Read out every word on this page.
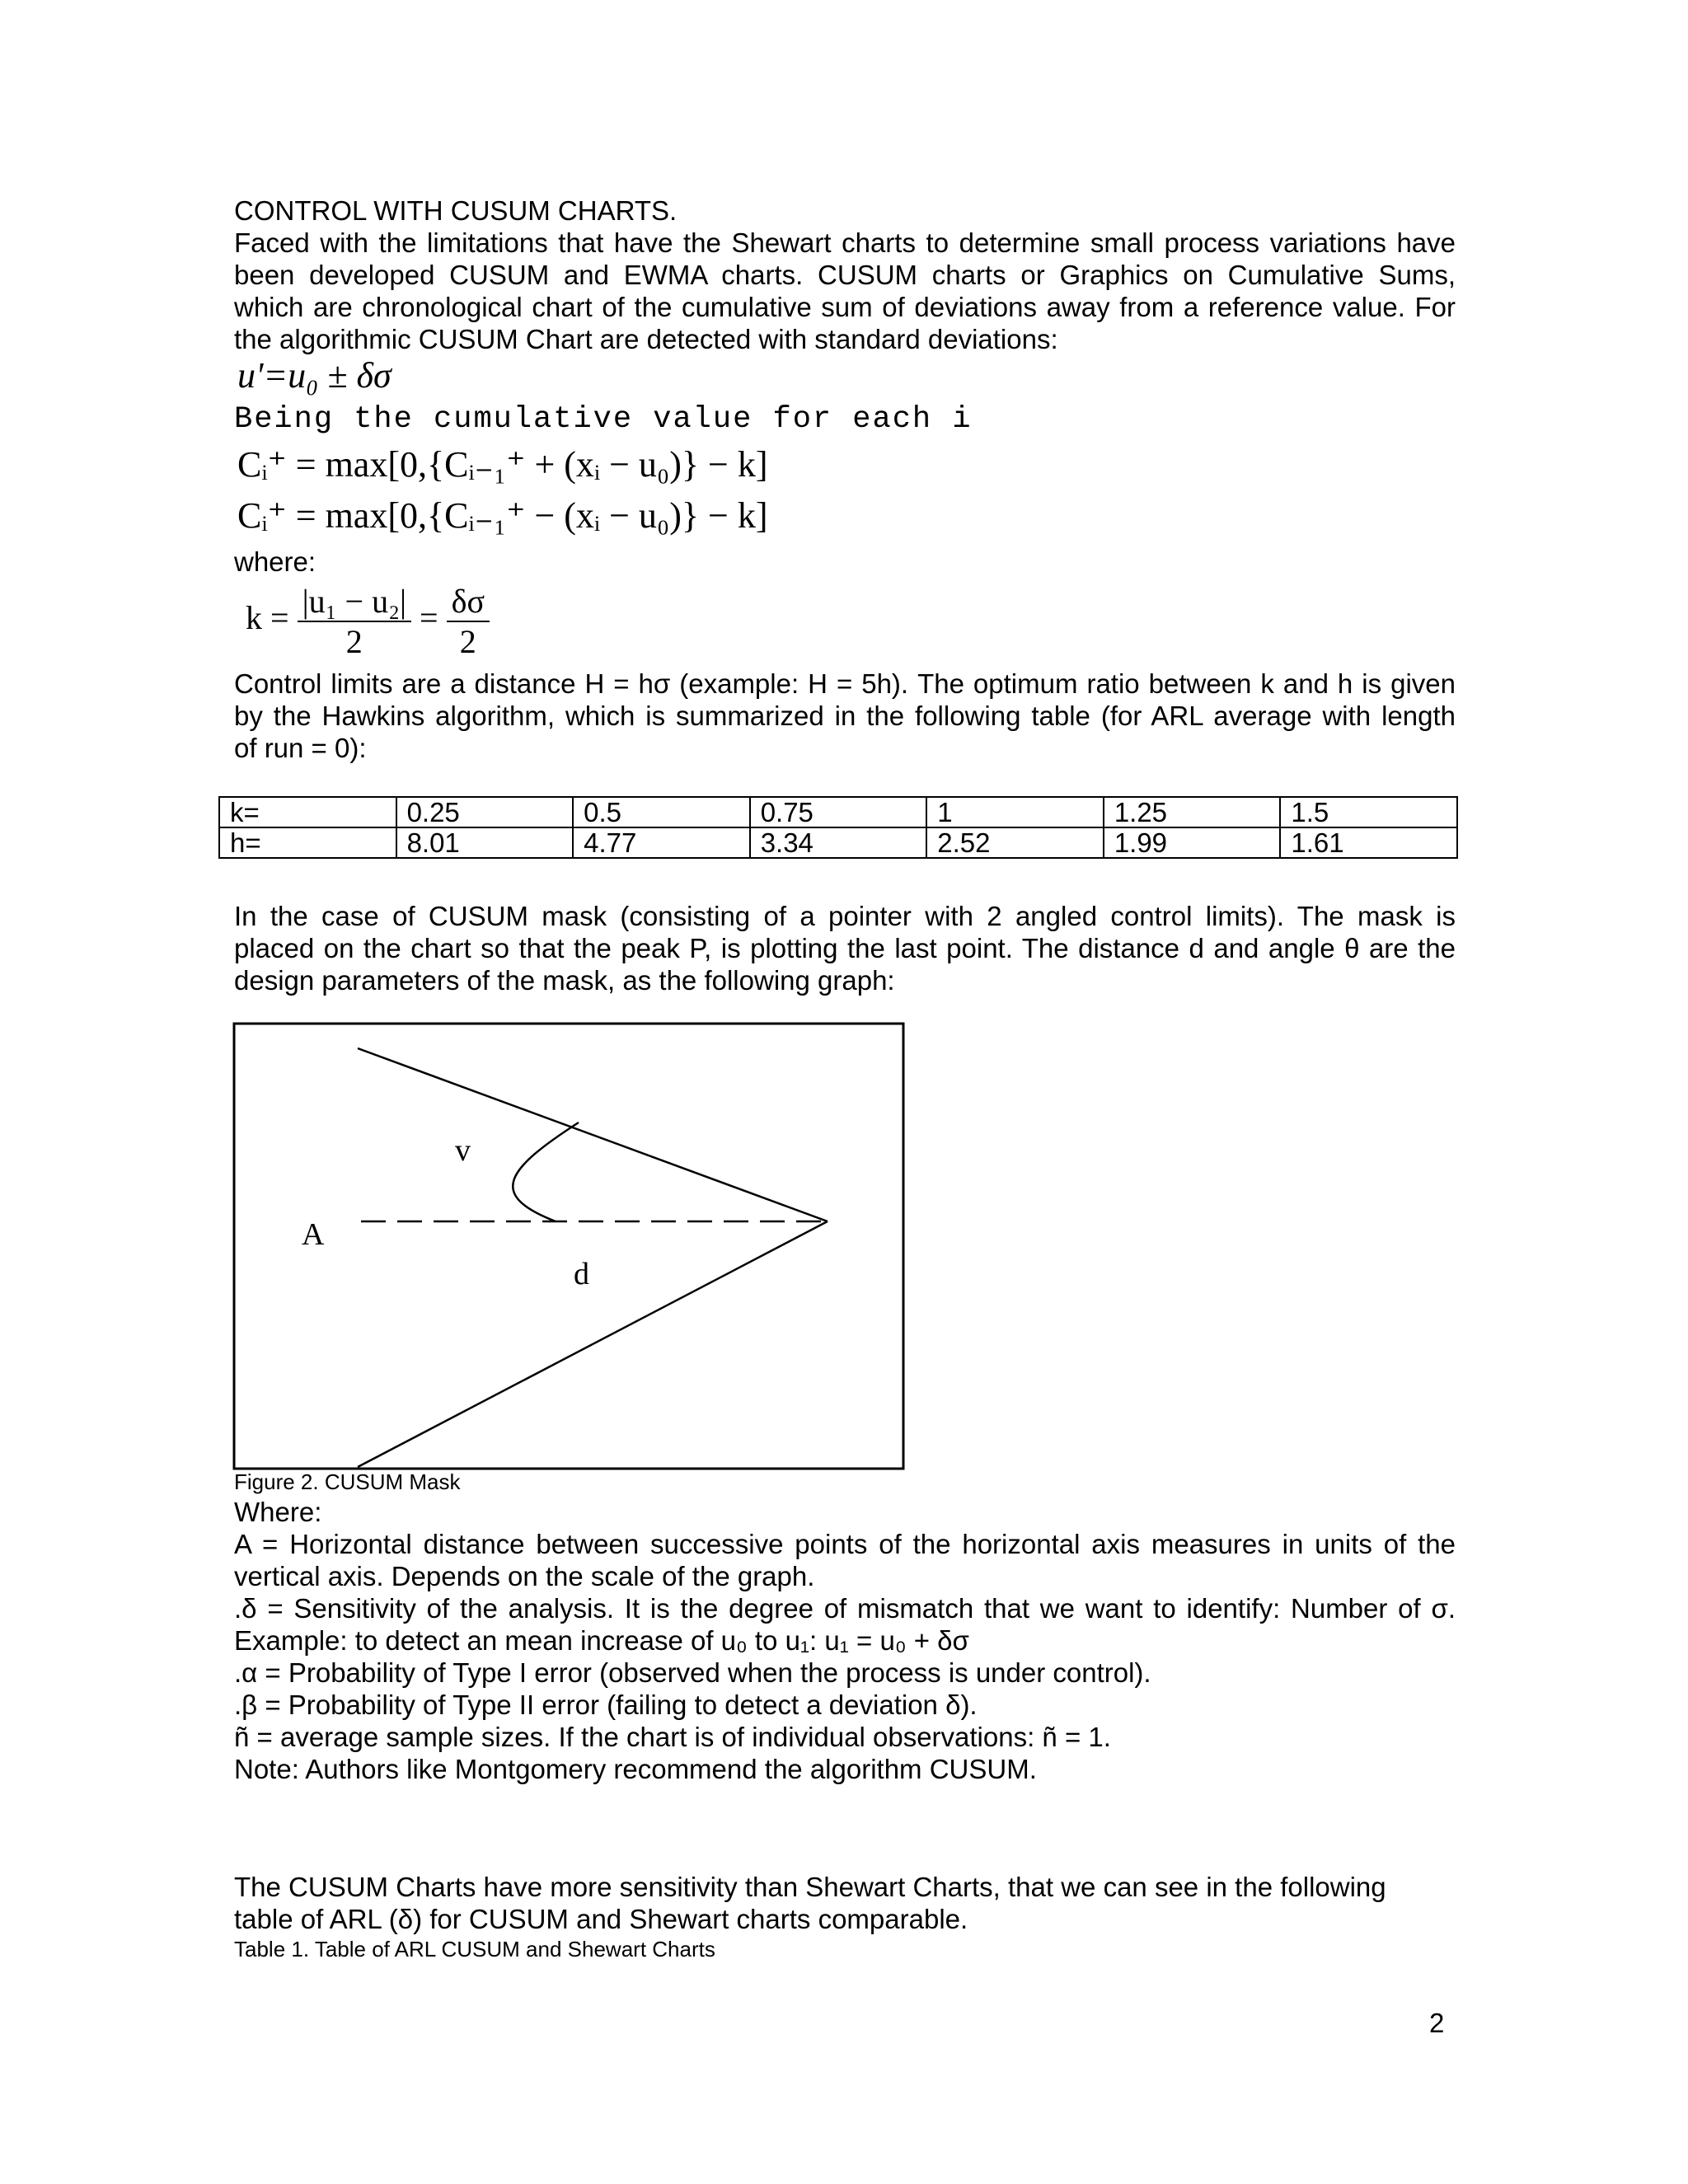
CONTROL WITH CUSUM CHARTS.
Faced with the limitations that have the Shewart charts to determine small process variations have
been developed CUSUM and EWMA charts. CUSUM charts or Graphics on Cumulative Sums,
which are chronological chart of the cumulative sum of deviations away from a reference value. For
the algorithmic CUSUM Chart are detected with standard deviations:
u'=u₀ ± δσ
Being the cumulative value for each i
Cᵢ⁺ = max[0,{Cᵢ₋₁⁺ + (xᵢ − u₀)} − k]
Cᵢ⁺ = max[0,{Cᵢ₋₁⁺ − (xᵢ − u₀)} − k]
where:
$k = \frac{\text{|u₁ − u₂|}}{2} = \frac{\delta\sigma}{2}$
Control limits are a distance H = hσ (example: H = 5h). The optimum ratio between k and h is given
by the Hawkins algorithm, which is summarized in the following table (for ARL average with length
of run = 0):
k=	0.25	0.5	0.75	1	1.25	1.5
h=	8.01	4.77	3.34	2.52	1.99	1.61
In the case of CUSUM mask (consisting of a pointer with 2 angled control limits). The mask is
placed on the chart so that the peak P, is plotting the last point. The distance d and angle θ are the
design parameters of the mask, as the following graph:
v
A
d
Figure 2. CUSUM Mask
Where:
A = Horizontal distance between successive points of the horizontal axis measures in units of the
vertical axis. Depends on the scale of the graph.
.δ = Sensitivity of the analysis. It is the degree of mismatch that we want to identify: Number of σ.
Example: to detect an mean increase of u₀ to u₁: u₁ = u₀ + δσ
.α = Probability of Type I error (observed when the process is under control).
.β = Probability of Type II error (failing to detect a deviation δ).
ñ = average sample sizes. If the chart is of individual observations: ñ = 1.
Note: Authors like Montgomery recommend the algorithm CUSUM.
The CUSUM Charts have more sensitivity than Shewart Charts, that we can see in the following
table of ARL (δ) for CUSUM and Shewart charts comparable.
Table 1. Table of ARL CUSUM and Shewart Charts
2
